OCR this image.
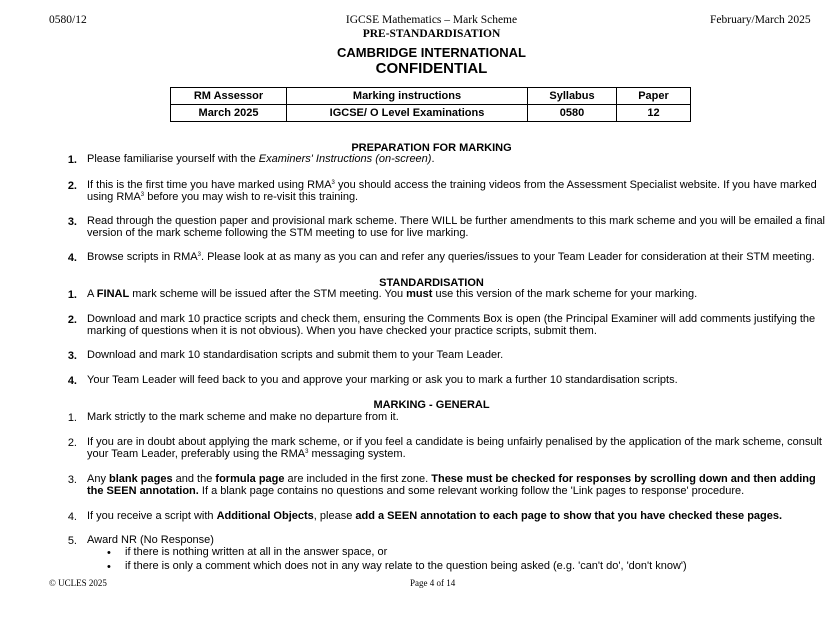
0580/12	IGCSE Mathematics – Mark Scheme
PRE-STANDARDISATION
February/March 2025
CAMBRIDGE INTERNATIONAL
CONFIDENTIAL
RM Assessor	Marking instructions	Syllabus	Paper
March 2025	IGCSE/ O Level Examinations	0580	12
PREPARATION FOR MARKING
1. Please familiarise yourself with the Examiners' Instructions (on-screen).
2. If this is the first time you have marked using RMA$^3$ you should access the training videos from the Assessment Specialist website. If you have marked
using RMA$^3$ before you may wish to re-visit this training.
3. Read through the question paper and provisional mark scheme. There WILL be further amendments to this mark scheme and you will be emailed a final
version of the mark scheme following the STM meeting to use for live marking.
4. Browse scripts in RMA$^3$. Please look at as many as you can and refer any queries/issues to your Team Leader for consideration at their STM meeting.
STANDARDISATION
1. A FINAL mark scheme will be issued after the STM meeting. You must use this version of the mark scheme for your marking.
2. Download and mark 10 practice scripts and check them, ensuring the Comments Box is open (the Principal Examiner will add comments justifying the
marking of questions when it is not obvious). When you have checked your practice scripts, submit them.
3. Download and mark 10 standardisation scripts and submit them to your Team Leader.
4. Your Team Leader will feed back to you and approve your marking or ask you to mark a further 10 standardisation scripts.
MARKING - GENERAL
1. Mark strictly to the mark scheme and make no departure from it.
2. If you are in doubt about applying the mark scheme, or if you feel a candidate is being unfairly penalised by the application of the mark scheme, consult
your Team Leader, preferably using the RMA$^3$ messaging system.
3. Any blank pages and the formula page are included in the first zone. These must be checked for responses by scrolling down and then adding
the SEEN annotation. If a blank page contains no questions and some relevant working follow the 'Link pages to response' procedure.
4. If you receive a script with Additional Objects, please add a SEEN annotation to each page to show that you have checked these pages.
5. Award NR (No Response)
• if there is nothing written at all in the answer space, or
• if there is only a comment which does not in any way relate to the question being asked (e.g. 'can't do', 'don't know')
© UCLES 2025	Page 4 of 14
